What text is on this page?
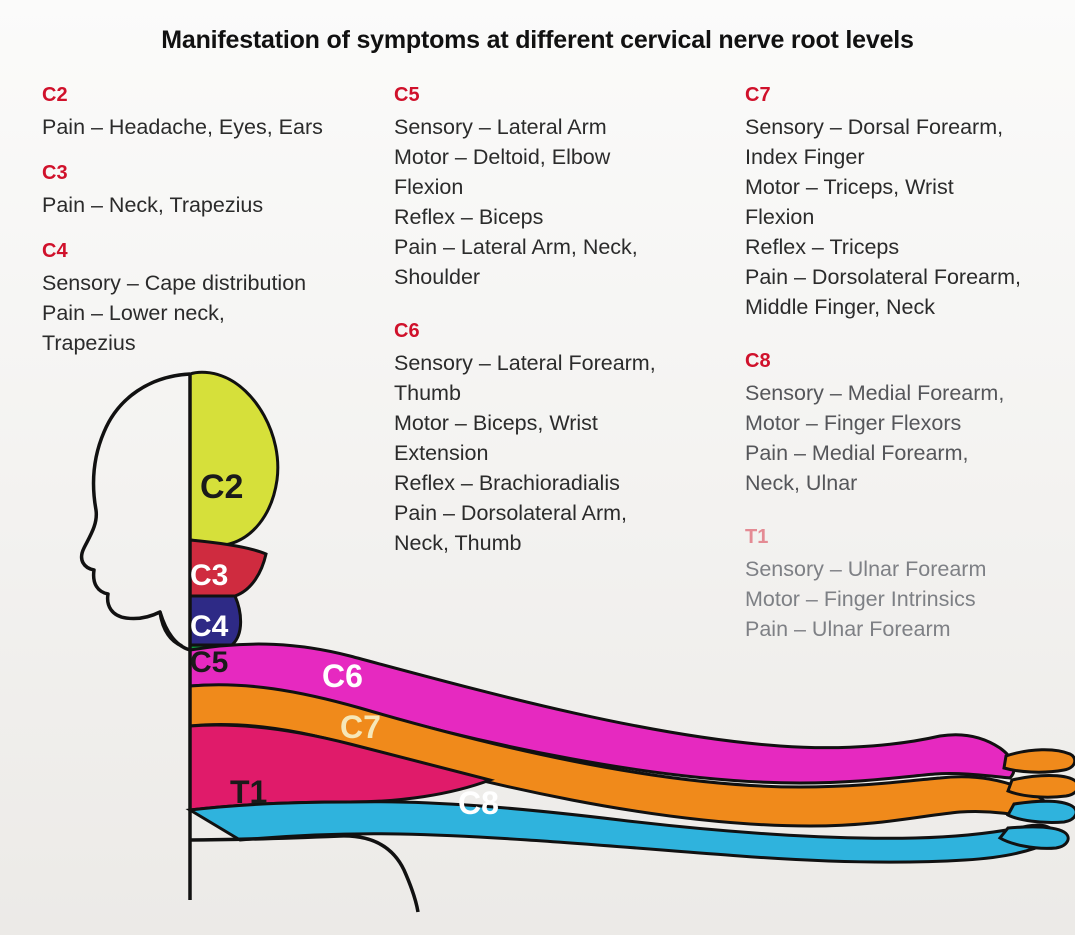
Manifestation of symptoms at different cervical nerve root levels
C2
Pain – Headache, Eyes, Ears
C3
Pain – Neck, Trapezius
C4
Sensory – Cape distribution
Pain – Lower neck,
Trapezius
C5
Sensory – Lateral Arm
Motor – Deltoid, Elbow
Flexion
Reflex – Biceps
Pain – Lateral Arm, Neck,
Shoulder
C6
Sensory – Lateral Forearm,
Thumb
Motor – Biceps, Wrist
Extension
Reflex – Brachioradialis
Pain – Dorsolateral Arm,
Neck, Thumb
C7
Sensory – Dorsal Forearm,
Index Finger
Motor – Triceps, Wrist
Flexion
Reflex – Triceps
Pain – Dorsolateral Forearm,
Middle Finger, Neck
C8
Sensory – Medial Forearm,
Motor – Finger Flexors
Pain – Medial Forearm,
Neck, Ulnar
T1
Sensory – Ulnar Forearm
Motor – Finger Intrinsics
Pain – Ulnar Forearm
C2
C3
C4
C5	C6
C7
T1	C8
